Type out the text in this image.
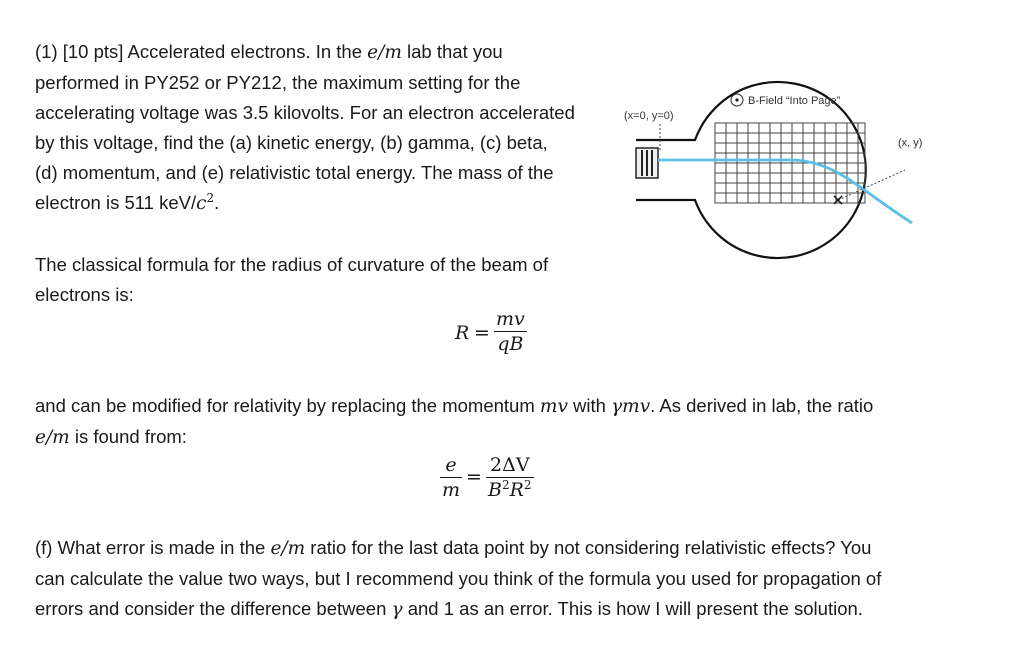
(1) [10 pts] Accelerated electrons. In the e/m lab that you
performed in PY252 or PY212, the maximum setting for the
accelerating voltage was 3.5 kilovolts. For an electron accelerated
by this voltage, find the (a) kinetic energy, (b) gamma, (c) beta,
(d) momentum, and (e) relativistic total energy. The mass of the
electron is 511 keV/$c^2$.
The classical formula for the radius of curvature of the beam of
electrons is:
R =
mv
qB
and can be modified for relativity by replacing the momentum mv with γmv. As derived in lab, the ratio
e/m is found from:
e
m
=
2ΔV
$B^2R^2$
(f) What error is made in the e/m ratio for the last data point by not considering relativistic effects? You
can calculate the value two ways, but I recommend you think of the formula you used for propagation of
errors and consider the difference between γ and 1 as an error. This is how I will present the solution.
B-Field “Into Page”
(x=0, y=0)
(x, y)
